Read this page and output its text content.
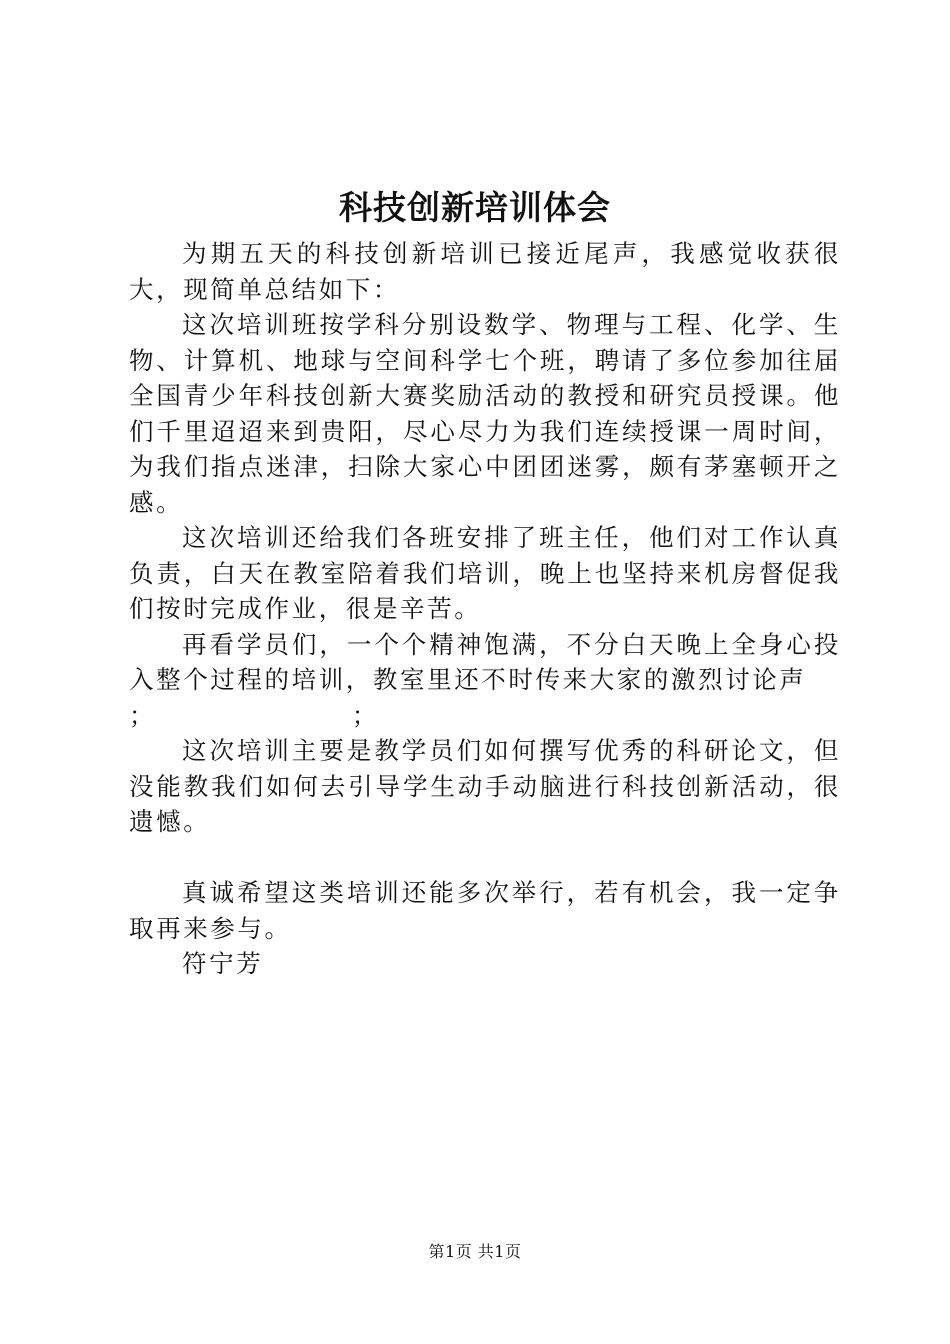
科技创新培训体会

为期五天的科技创新培训已接近尾声，我感觉收获很大，现简单总结如下：

这次培训班按学科分别设数学、物理与工程、化学、生物、计算机、地球与空间科学七个班，聘请了多位参加往届全国青少年科技创新大赛奖励活动的教授和研究员授课。他们千里迢迢来到贵阳，尽心尽力为我们连续授课一周时间，为我们指点迷津，扫除大家心中团团迷雾，颇有茅塞顿开之感。

这次培训还给我们各班安排了班主任，他们对工作认真负责，白天在教室陪着我们培训，晚上也坚持来机房督促我们按时完成作业，很是辛苦。

再看学员们，一个个精神饱满，不分白天晚上全身心投入整个过程的培训，教室里还不时传来大家的激烈讨论声

；	；

这次培训主要是教学员们如何撰写优秀的科研论文，但没能教我们如何去引导学生动手动脑进行科技创新活动，很遗憾。

真诚希望这类培训还能多次举行，若有机会，我一定争取再来参与。

符宁芳

第1页 共1页
